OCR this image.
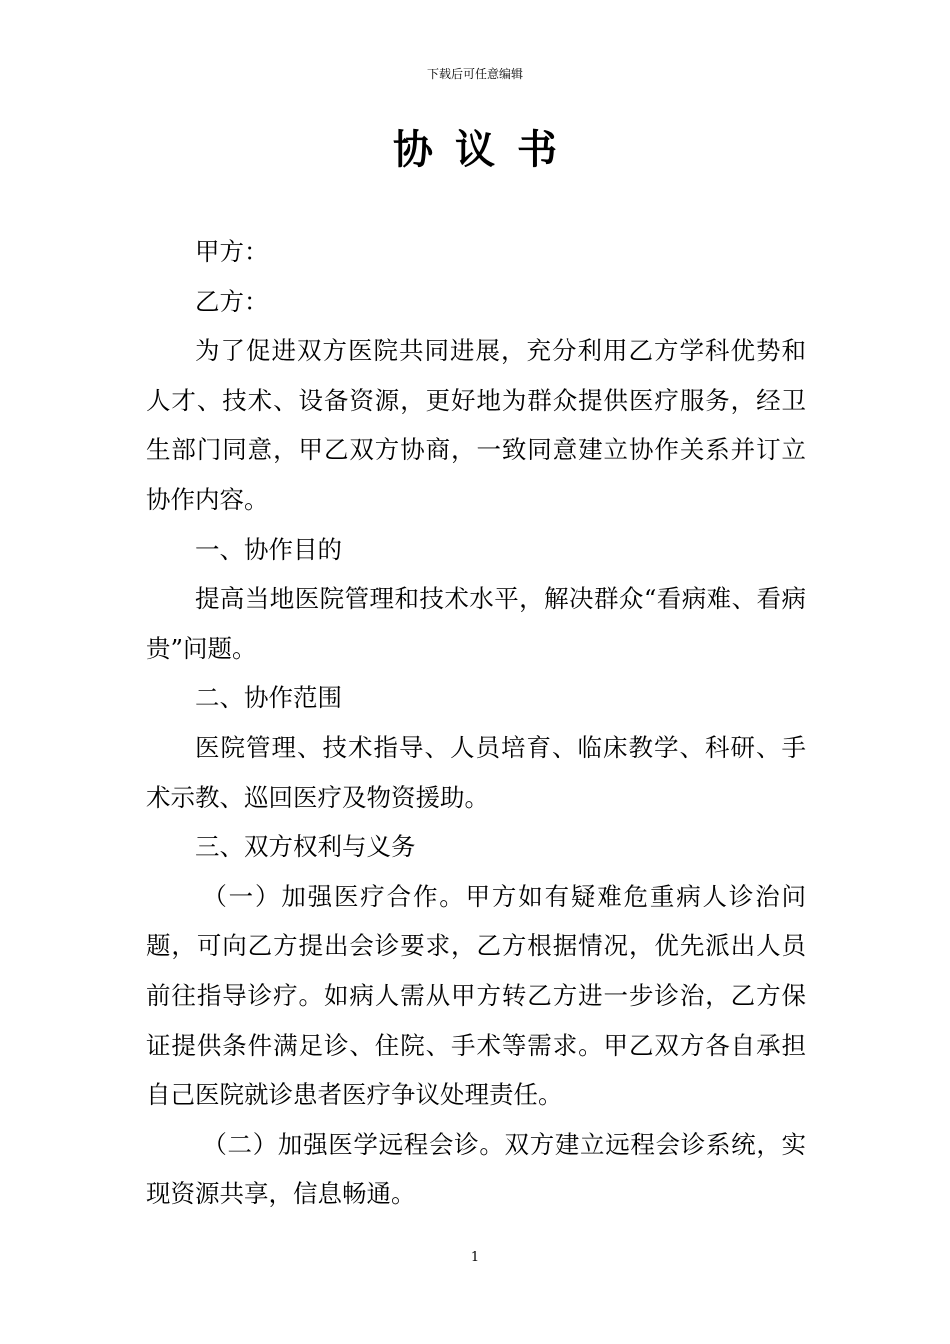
下载后可任意编辑
协议书

甲方：

乙方：

为了促进双方医院共同进展，充分利用乙方学科优势和人才、技术、设备资源，更好地为群众提供医疗服务，经卫生部门同意，甲乙双方协商，一致同意建立协作关系并订立协作内容。

一、协作目的

提高当地医院管理和技术水平，解决群众“看病难、看病贵”问题。

二、协作范围

医院管理、技术指导、人员培育、临床教学、科研、手术示教、巡回医疗及物资援助。

三、双方权利与义务

（一）加强医疗合作。甲方如有疑难危重病人诊治问题，可向乙方提出会诊要求，乙方根据情况，优先派出人员前往指导诊疗。如病人需从甲方转乙方进一步诊治，乙方保证提供条件满足诊、住院、手术等需求。甲乙双方各自承担自己医院就诊患者医疗争议处理责任。

（二）加强医学远程会诊。双方建立远程会诊系统，实现资源共享，信息畅通。

1
